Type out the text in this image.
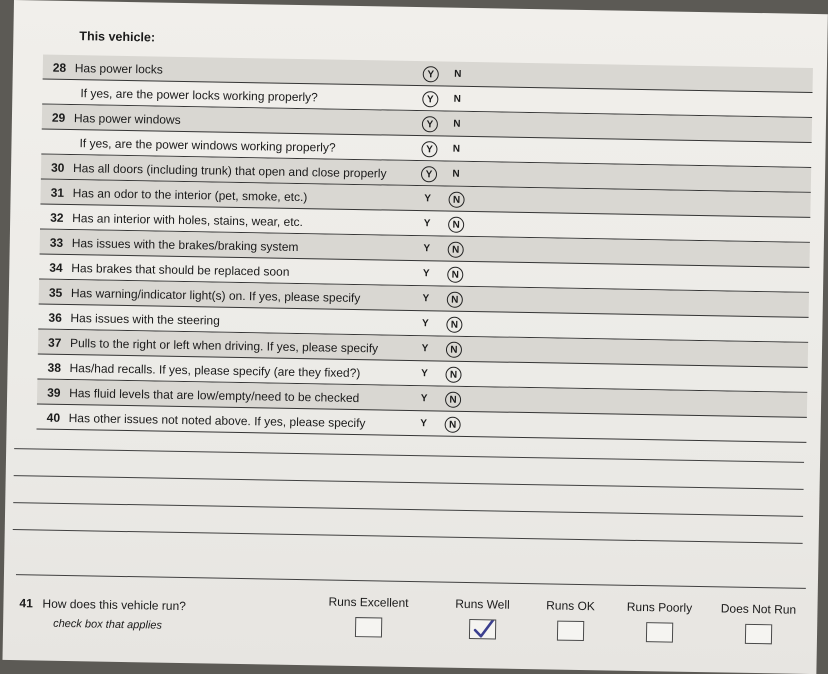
This vehicle:
28 Has power locks	Y	N
If yes, are the power locks working properly?	Y	N
29 Has power windows	Y	N
If yes, are the power windows working properly?	Y	N
30 Has all doors (including trunk) that open and close properly	Y	N
31 Has an odor to the interior (pet, smoke, etc.)	Y	N
32 Has an interior with holes, stains, wear, etc.	Y	N
33 Has issues with the brakes/braking system	Y	N
34 Has brakes that should be replaced soon	Y	N
35 Has warning/indicator light(s) on. If yes, please specify	Y	N
36 Has issues with the steering	Y	N
37 Pulls to the right or left when driving. If yes, please specify	Y	N
38 Has/had recalls. If yes, please specify (are they fixed?)	Y	N
39 Has fluid levels that are low/empty/need to be checked	Y	N
40 Has other issues not noted above. If yes, please specify	Y	N
41 How does this vehicle run?
check box that applies
Runs Excellent	Runs Well	Runs OK	Runs Poorly	Does Not Run
